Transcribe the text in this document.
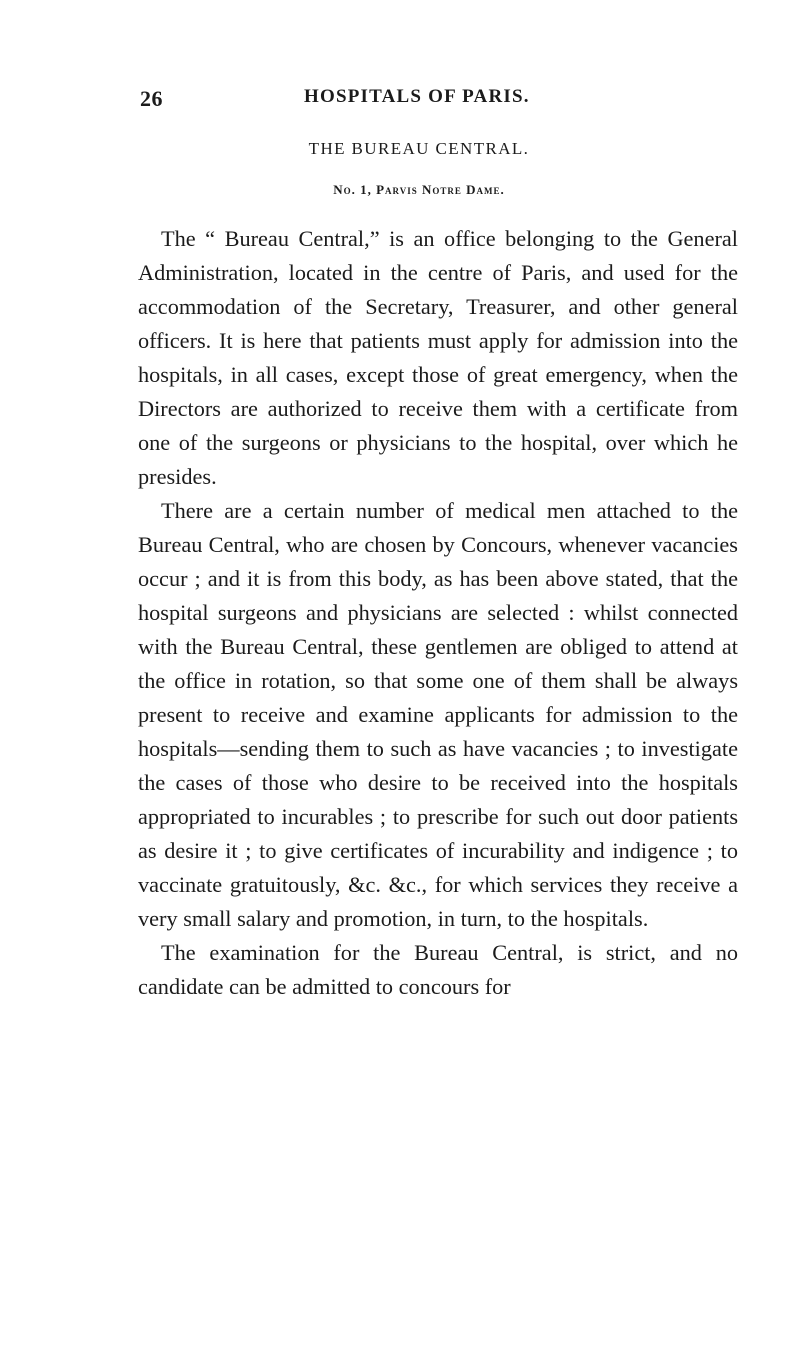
26	HOSPITALS OF PARIS.
THE BUREAU CENTRAL.
No. 1, Parvis Notre Dame.

The “ Bureau Central,” is an office belonging to the General Administration, located in the centre of Paris, and used for the accommodation of the Secretary, Treasurer, and other general officers. It is here that patients must apply for admission into the hospitals, in all cases, except those of great emergency, when the Directors are authorized to receive them with a certificate from one of the surgeons or physicians to the hospital, over which he presides.

There are a certain number of medical men attached to the Bureau Central, who are chosen by Concours, whenever vacancies occur ; and it is from this body, as has been above stated, that the hospital surgeons and physicians are selected : whilst connected with the Bureau Central, these gentlemen are obliged to attend at the office in rotation, so that some one of them shall be always present to receive and examine applicants for admission to the hospitals—sending them to such as have vacancies ; to investigate the cases of those who desire to be received into the hospitals appropriated to incurables ; to prescribe for such out door patients as desire it ; to give certificates of incurability and indigence ; to vaccinate gratuitously, &c. &c., for which services they receive a very small salary and promotion, in turn, to the hospitals.

The examination for the Bureau Central, is strict, and no candidate can be admitted to concours for
